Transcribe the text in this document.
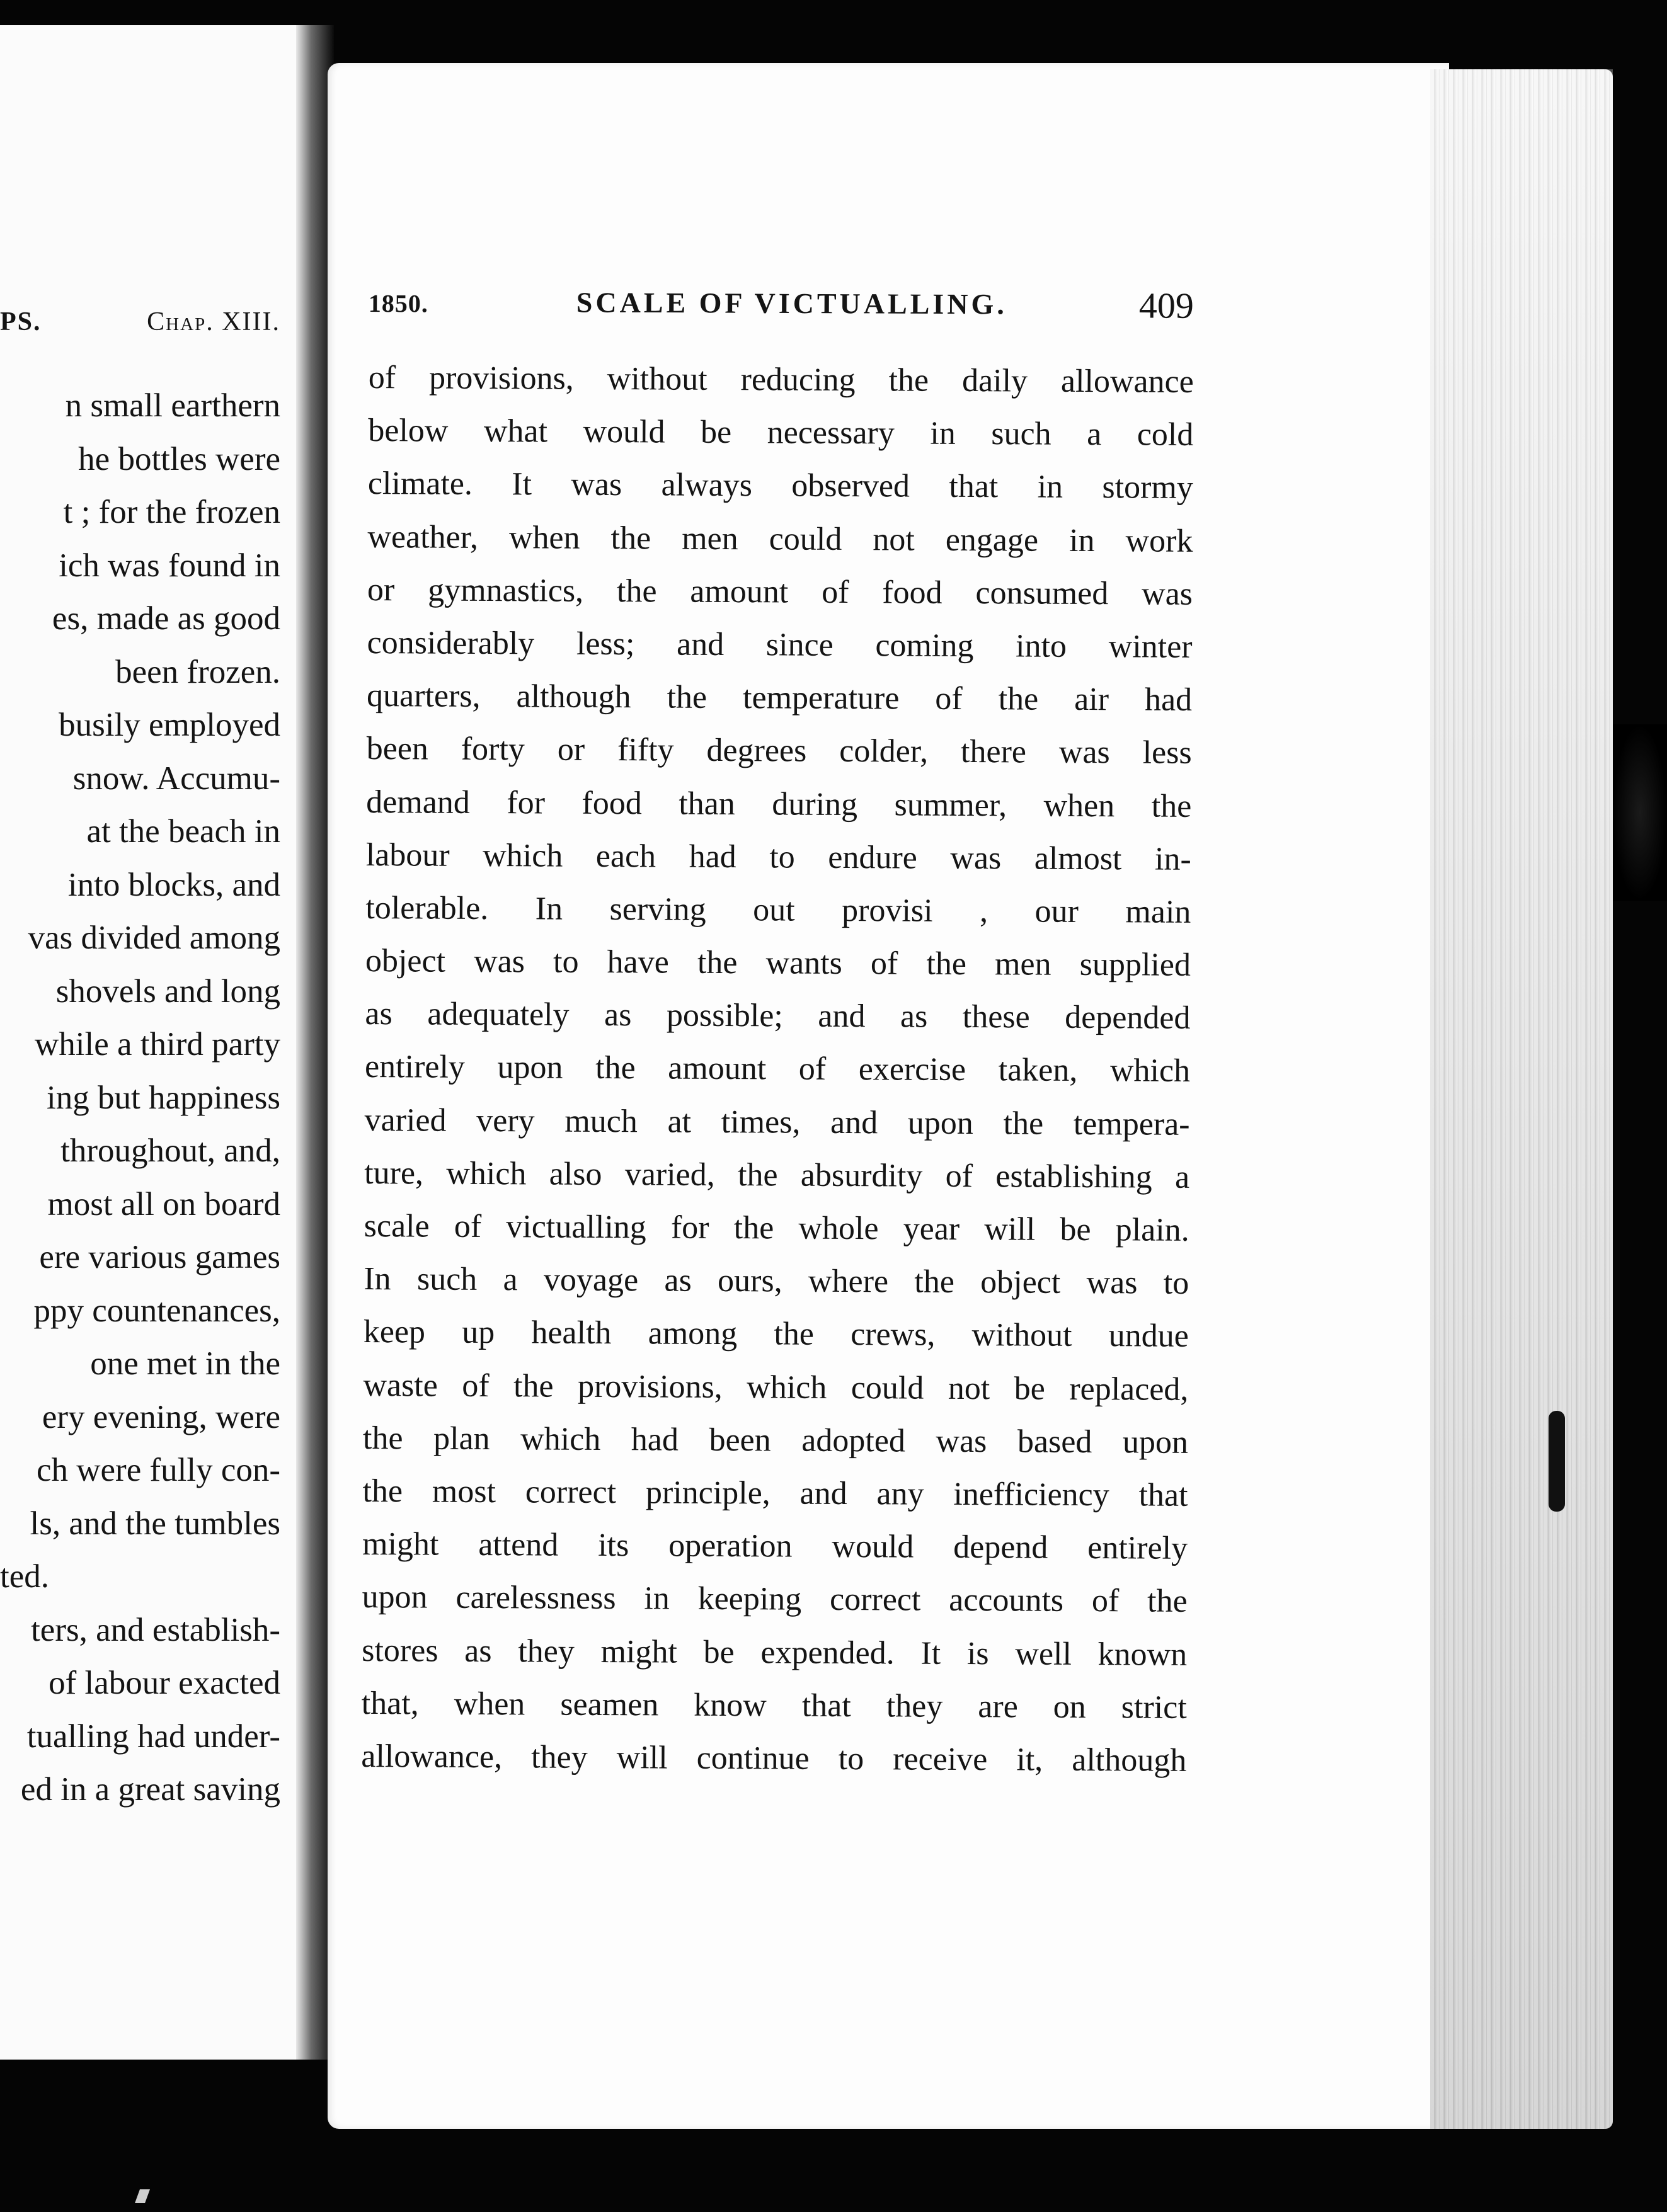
PS.	Chap. XIII.
n small earthern
he bottles were
t ; for the frozen
ich was found in
es, made as good
been frozen.
busily employed
snow. Accumu-
at the beach in
into blocks, and
vas divided among
shovels and long
while a third party
ing but happiness
throughout, and,
most all on board
ere various games
ppy countenances,
one met in the
ery evening, were
ch were fully con-
ls, and the tumbles
ted.
ters, and establish-
of labour exacted
tualling had under-
ed in a great saving
1850.	SCALE OF VICTUALLING.	409
of provisions, without reducing the daily allowance
below what would be necessary in such a cold
climate. It was always observed that in stormy
weather, when the men could not engage in work
or gymnastics, the amount of food consumed was
considerably less; and since coming into winter
quarters, although the temperature of the air had
been forty or fifty degrees colder, there was less
demand for food than during summer, when the
labour which each had to endure was almost in-
tolerable. In serving out provisi , our main
object was to have the wants of the men supplied
as adequately as possible; and as these depended
entirely upon the amount of exercise taken, which
varied very much at times, and upon the tempera-
ture, which also varied, the absurdity of establishing a
scale of victualling for the whole year will be plain.
In such a voyage as ours, where the object was to
keep up health among the crews, without undue
waste of the provisions, which could not be replaced,
the plan which had been adopted was based upon
the most correct principle, and any inefficiency that
might attend its operation would depend entirely
upon carelessness in keeping correct accounts of the
stores as they might be expended. It is well known
that, when seamen know that they are on strict
allowance, they will continue to receive it, although
